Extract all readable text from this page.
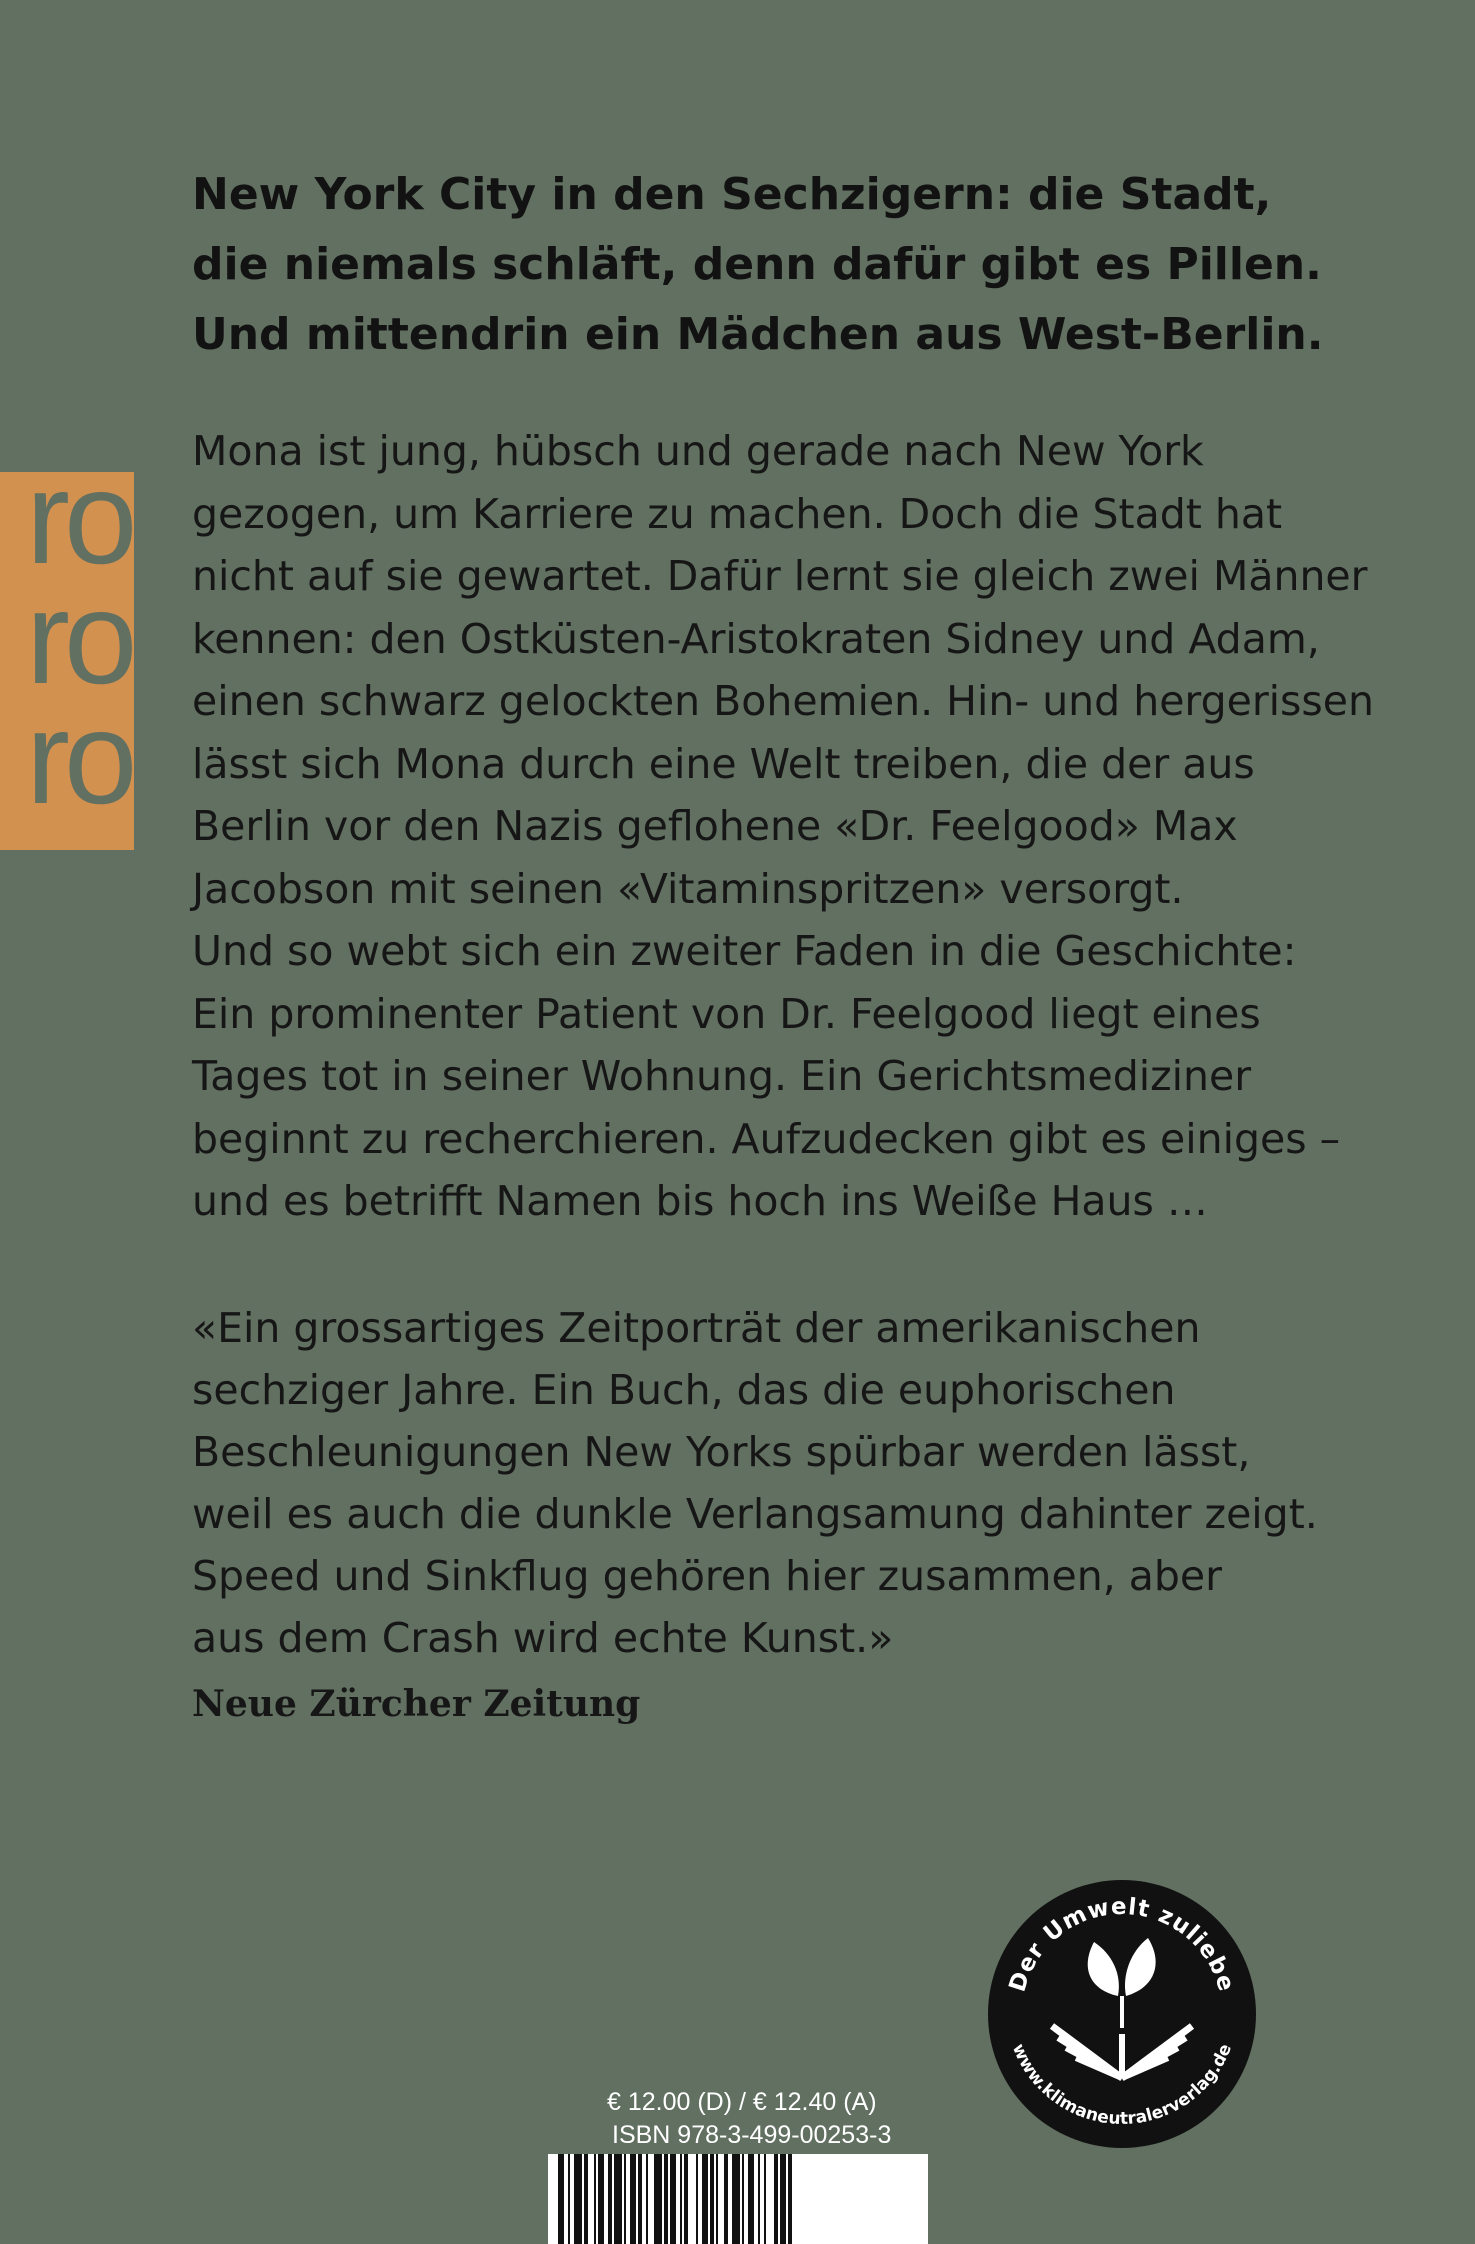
ro
ro
ro
New York City in den Sechzigern: die Stadt,
die niemals schläft, denn dafür gibt es Pillen.
Und mittendrin ein Mädchen aus West-Berlin.
Mona ist jung, hübsch und gerade nach New York
gezogen, um Karriere zu machen. Doch die Stadt hat
nicht auf sie gewartet. Dafür lernt sie gleich zwei Männer
kennen: den Ostküsten-Aristokraten Sidney und Adam,
einen schwarz gelockten Bohemien. Hin- und hergerissen
lässt sich Mona durch eine Welt treiben, die der aus
Berlin vor den Nazis geflohene «Dr. Feelgood» Max
Jacobson mit seinen «Vitaminspritzen» versorgt.
Und so webt sich ein zweiter Faden in die Geschichte:
Ein prominenter Patient von Dr. Feelgood liegt eines
Tages tot in seiner Wohnung. Ein Gerichtsmediziner
beginnt zu recherchieren. Aufzudecken gibt es einiges –
und es betrifft Namen bis hoch ins Weiße Haus …
«Ein grossartiges Zeitporträt der amerikanischen
sechziger Jahre. Ein Buch, das die euphorischen
Beschleunigungen New Yorks spürbar werden lässt,
weil es auch die dunkle Verlangsamung dahinter zeigt.
Speed und Sinkflug gehören hier zusammen, aber
aus dem Crash wird echte Kunst.»
Neue Zürcher Zeitung
Der Umwelt zuliebe
www.klimaneutralerverlag.de
€ 12.00 (D) / € 12.40 (A)
ISBN 978-3-499-00253-3
